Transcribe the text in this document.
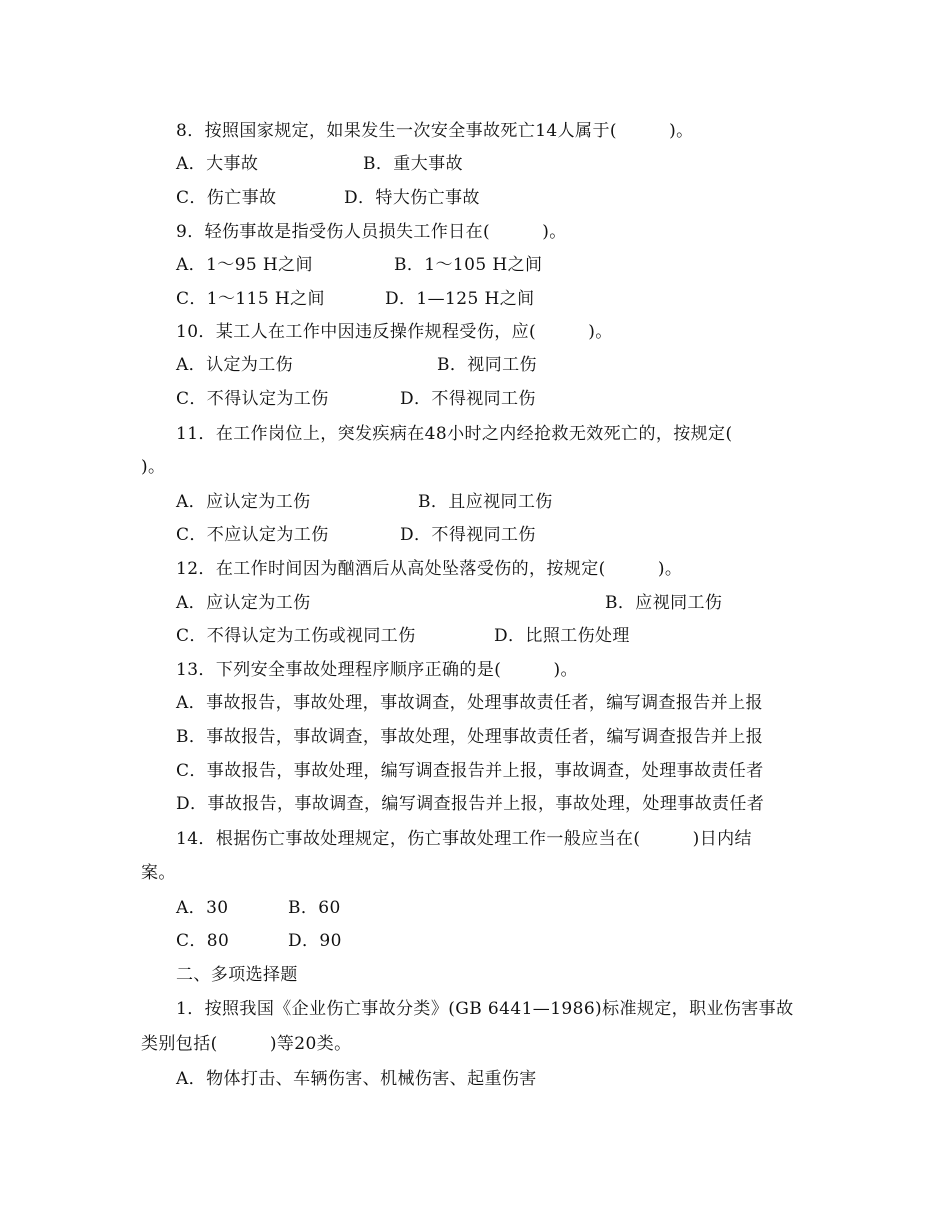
8．按照国家规定，如果发生一次安全事故死亡14人属于(　　　)。
A．大事故	B．重大事故
C．伤亡事故	D．特大伤亡事故
9．轻伤事故是指受伤人员损失工作日在(　　　)。
A．1～95 H之间	B．1～105 H之间
C．1～115 H之间	D．1—125 H之间
10．某工人在工作中因违反操作规程受伤，应(　　　)。
A．认定为工伤	B．视同工伤
C．不得认定为工伤	D．不得视同工伤
11．在工作岗位上，突发疾病在48小时之内经抢救无效死亡的，按规定(
)。
A．应认定为工伤	B．且应视同工伤
C．不应认定为工伤	D．不得视同工伤
12．在工作时间因为酗酒后从高处坠落受伤的，按规定(　　　)。
A．应认定为工伤	B．应视同工伤
C．不得认定为工伤或视同工伤	D．比照工伤处理
13．下列安全事故处理程序顺序正确的是(　　　)。
A．事故报告，事故处理，事故调查，处理事故责任者，编写调查报告并上报
B．事故报告，事故调查，事故处理，处理事故责任者，编写调查报告并上报
C．事故报告，事故处理，编写调查报告并上报，事故调查，处理事故责任者
D．事故报告，事故调查，编写调查报告并上报，事故处理，处理事故责任者
14．根据伤亡事故处理规定，伤亡事故处理工作一般应当在(　　　)日内结
案。
A．30	B．60
C．80	D．90
二、多项选择题
1．按照我国《企业伤亡事故分类》(GB 6441—1986)标准规定，职业伤害事故
类别包括(　　　)等20类。
A．物体打击、车辆伤害、机械伤害、起重伤害
